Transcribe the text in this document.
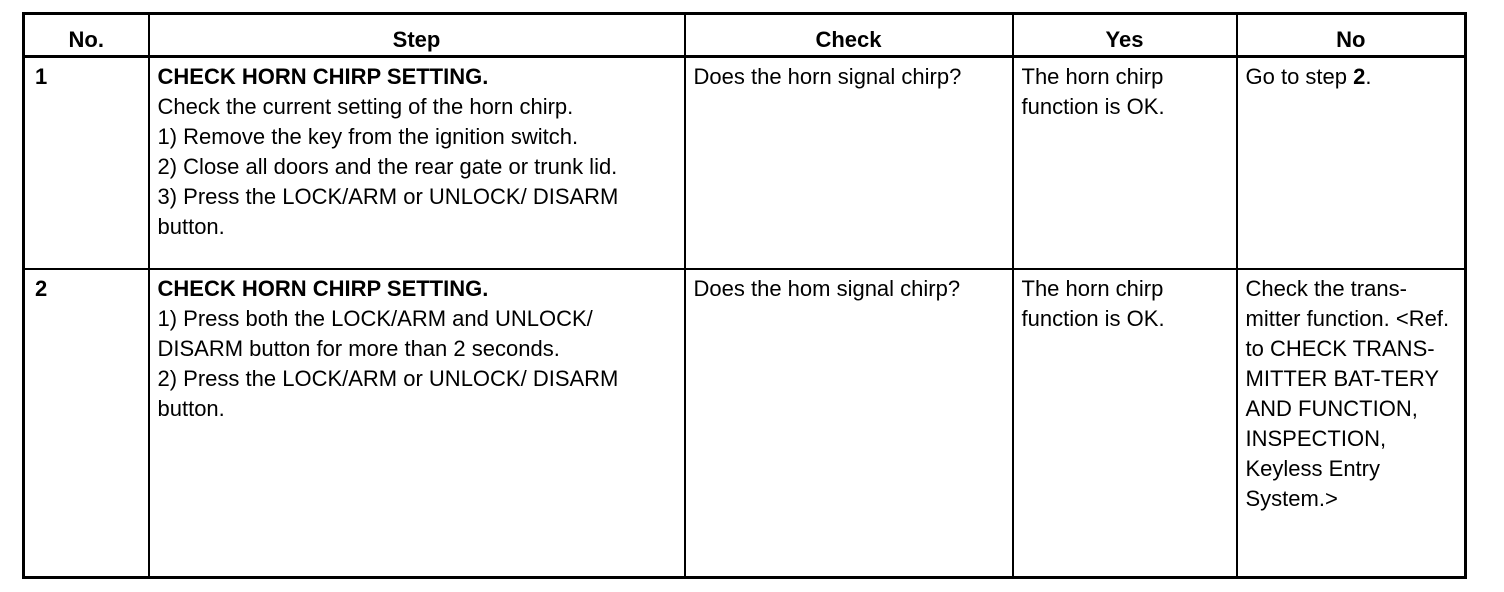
No.	Step	Check	Yes	No
1	CHECK HORN CHIRP SETTING.
Check the current setting of the horn chirp.
1) Remove the key from the ignition switch.
2) Close all doors and the rear gate or trunk lid.
3) Press the LOCK/ARM or UNLOCK/ DISARM button.	Does the horn signal chirp?	The horn chirp function is OK.	Go to step 2.
2	CHECK HORN CHIRP SETTING.
1) Press both the LOCK/ARM and UNLOCK/ DISARM button for more than 2 seconds.
2) Press the LOCK/ARM or UNLOCK/ DISARM button.	Does the hom signal chirp?	The horn chirp function is OK.	Check the trans-mitter function. <Ref. to CHECK TRANS-MITTER BAT-TERY AND FUNCTION, INSPECTION, Keyless Entry System.>
